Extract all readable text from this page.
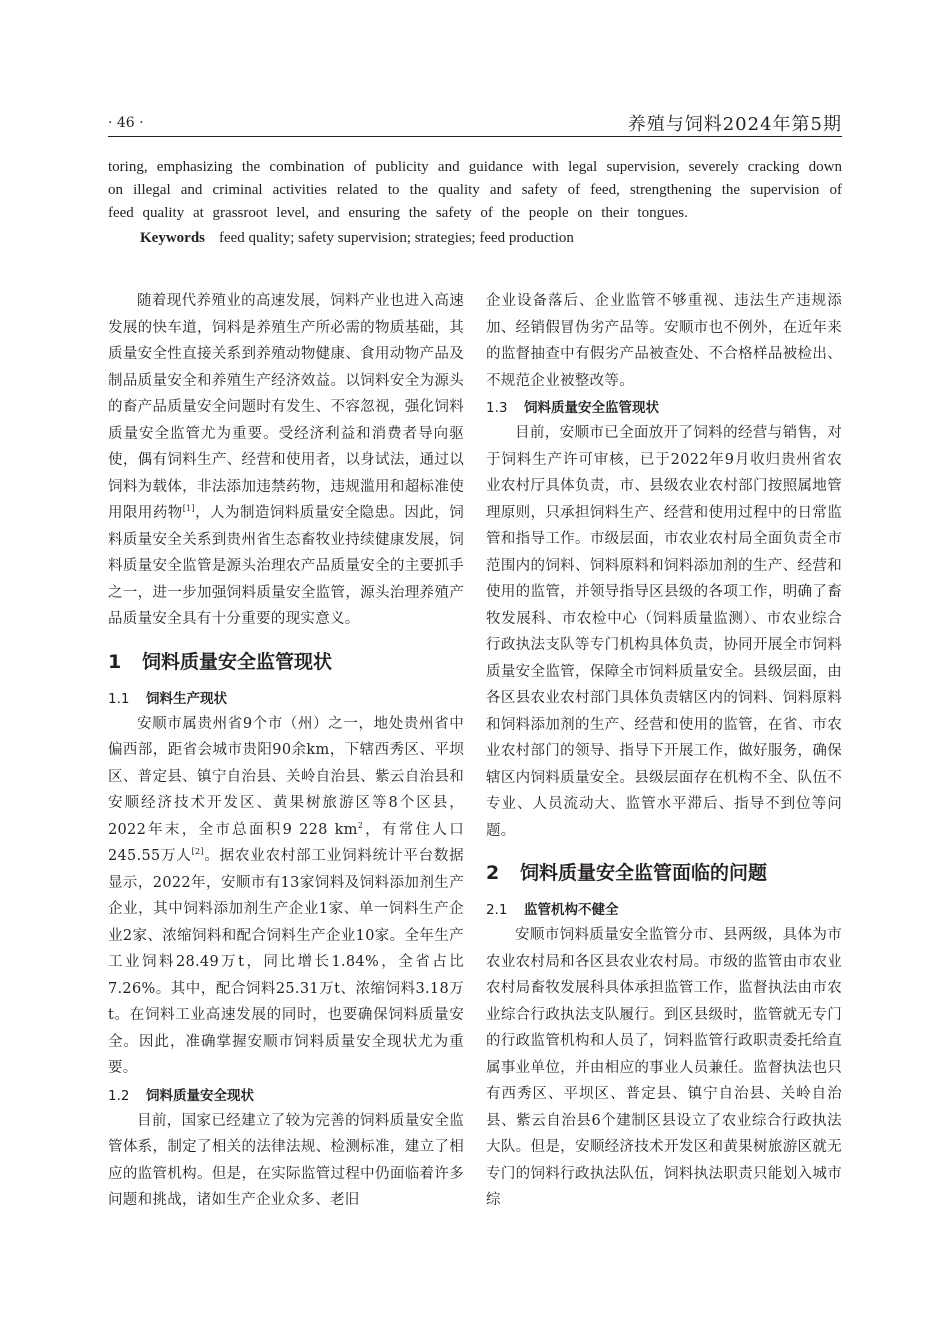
· 46 ·	养殖与饲料2024年第5期
toring, emphasizing the combination of publicity and guidance with legal supervision, severely cracking down on illegal and criminal activities related to the quality and safety of feed, strengthening the supervision of feed quality at grassroot level, and ensuring the safety of the people on their tongues.
Keywords feed quality; safety supervision; strategies; feed production

随着现代养殖业的高速发展，饲料产业也进入高速发展的快车道，饲料是养殖生产所必需的物质基础，其质量安全性直接关系到养殖动物健康、食用动物产品及制品质量安全和养殖生产经济效益。以饲料安全为源头的畜产品质量安全问题时有发生、不容忽视，强化饲料质量安全监管尤为重要。受经济利益和消费者导向驱使，偶有饲料生产、经营和使用者，以身试法，通过以饲料为载体，非法添加违禁药物，违规滥用和超标准使用限用药物[1]，人为制造饲料质量安全隐患。因此，饲料质量安全关系到贵州省生态畜牧业持续健康发展，饲料质量安全监管是源头治理农产品质量安全的主要抓手之一，进一步加强饲料质量安全监管，源头治理养殖产品质量安全具有十分重要的现实意义。

1 饲料质量安全监管现状
1.1 饲料生产现状

安顺市属贵州省9个市（州）之一，地处贵州省中偏西部，距省会城市贵阳90余km，下辖西秀区、平坝区、普定县、镇宁自治县、关岭自治县、紫云自治县和安顺经济技术开发区、黄果树旅游区等8个区县，2022年末，全市总面积9 228 $km^2$，有常住人口245.55万人[2]。据农业农村部工业饲料统计平台数据显示，2022年，安顺市有13家饲料及饲料添加剂生产企业，其中饲料添加剂生产企业1家、单一饲料生产企业2家、浓缩饲料和配合饲料生产企业10家。全年生产工业饲料28.49万t，同比增长1.84%，全省占比7.26%。其中，配合饲料25.31万t、浓缩饲料3.18万t。在饲料工业高速发展的同时，也要确保饲料质量安全。因此，准确掌握安顺市饲料质量安全现状尤为重要。

1.2 饲料质量安全现状

目前，国家已经建立了较为完善的饲料质量安全监管体系，制定了相关的法律法规、检测标准，建立了相应的监管机构。但是，在实际监管过程中仍面临着许多问题和挑战，诸如生产企业众多、老旧

企业设备落后、企业监管不够重视、违法生产违规添加、经销假冒伪劣产品等。安顺市也不例外，在近年来的监督抽查中有假劣产品被查处、不合格样品被检出、不规范企业被整改等。

1.3 饲料质量安全监管现状

目前，安顺市已全面放开了饲料的经营与销售，对于饲料生产许可审核，已于2022年9月收归贵州省农业农村厅具体负责，市、县级农业农村部门按照属地管理原则，只承担饲料生产、经营和使用过程中的日常监管和指导工作。市级层面，市农业农村局全面负责全市范围内的饲料、饲料原料和饲料添加剂的生产、经营和使用的监管，并领导指导区县级的各项工作，明确了畜牧发展科、市农检中心（饲料质量监测）、市农业综合行政执法支队等专门机构具体负责，协同开展全市饲料质量安全监管，保障全市饲料质量安全。县级层面，由各区县农业农村部门具体负责辖区内的饲料、饲料原料和饲料添加剂的生产、经营和使用的监管，在省、市农业农村部门的领导、指导下开展工作，做好服务，确保辖区内饲料质量安全。县级层面存在机构不全、队伍不专业、人员流动大、监管水平滞后、指导不到位等问题。

2 饲料质量安全监管面临的问题
2.1 监管机构不健全

安顺市饲料质量安全监管分市、县两级，具体为市农业农村局和各区县农业农村局。市级的监管由市农业农村局畜牧发展科具体承担监管工作，监督执法由市农业综合行政执法支队履行。到区县级时，监管就无专门的行政监管机构和人员了，饲料监管行政职责委托给直属事业单位，并由相应的事业人员兼任。监督执法也只有西秀区、平坝区、普定县、镇宁自治县、关岭自治县、紫云自治县6个建制区县设立了农业综合行政执法大队。但是，安顺经济技术开发区和黄果树旅游区就无专门的饲料行政执法队伍，饲料执法职责只能划入城市综
